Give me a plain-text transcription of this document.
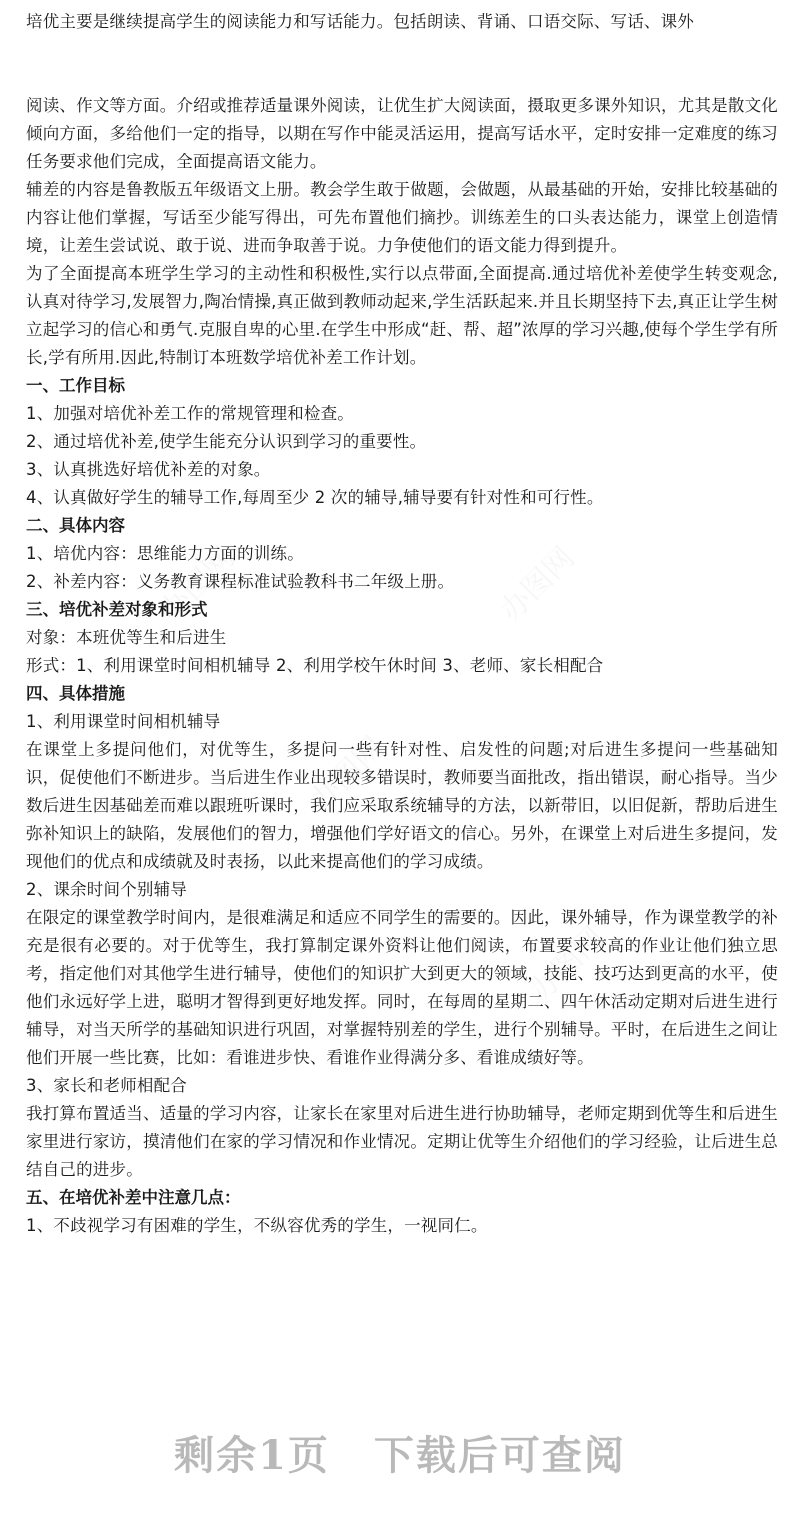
培优主要是继续提高学生的阅读能力和写话能力。包括朗读、背诵、口语交际、写话、课外

阅读、作文等方面。介绍或推荐适量课外阅读，让优生扩大阅读面，摄取更多课外知识，尤其是散文化倾向方面，多给他们一定的指导，以期在写作中能灵活运用，提高写话水平，定时安排一定难度的练习任务要求他们完成，全面提高语文能力。

辅差的内容是鲁教版五年级语文上册。教会学生敢于做题，会做题，从最基础的开始，安排比较基础的内容让他们掌握，写话至少能写得出，可先布置他们摘抄。训练差生的口头表达能力，课堂上创造情境，让差生尝试说、敢于说、进而争取善于说。力争使他们的语文能力得到提升。

为了全面提高本班学生学习的主动性和积极性,实行以点带面,全面提高.通过培优补差使学生转变观念,认真对待学习,发展智力,陶冶情操,真正做到教师动起来,学生活跃起来.并且长期坚持下去,真正让学生树立起学习的信心和勇气.克服自卑的心里.在学生中形成“赶、帮、超”浓厚的学习兴趣,使每个学生学有所长,学有所用.因此,特制订本班数学培优补差工作计划。

一、工作目标

1、加强对培优补差工作的常规管理和检查。

2、通过培优补差,使学生能充分认识到学习的重要性。

3、认真挑选好培优补差的对象。

4、认真做好学生的辅导工作,每周至少 2 次的辅导,辅导要有针对性和可行性。

二、具体内容

1、培优内容：思维能力方面的训练。

2、补差内容：义务教育课程标准试验教科书二年级上册。

三、培优补差对象和形式

对象：本班优等生和后进生

形式：1、利用课堂时间相机辅导 2、利用学校午休时间 3、老师、家长相配合

四、具体措施

1、利用课堂时间相机辅导

在课堂上多提问他们，对优等生，多提问一些有针对性、启发性的问题;对后进生多提问一些基础知识，促使他们不断进步。当后进生作业出现较多错误时，教师要当面批改，指出错误，耐心指导。当少数后进生因基础差而难以跟班听课时，我们应采取系统辅导的方法，以新带旧，以旧促新，帮助后进生弥补知识上的缺陷，发展他们的智力，增强他们学好语文的信心。另外，在课堂上对后进生多提问，发现他们的优点和成绩就及时表扬，以此来提高他们的学习成绩。

2、课余时间个别辅导

在限定的课堂教学时间内，是很难满足和适应不同学生的需要的。因此，课外辅导，作为课堂教学的补充是很有必要的。对于优等生，我打算制定课外资料让他们阅读，布置要求较高的作业让他们独立思考，指定他们对其他学生进行辅导，使他们的知识扩大到更大的领域，技能、技巧达到更高的水平，使他们永远好学上进，聪明才智得到更好地发挥。同时，在每周的星期二、四午休活动定期对后进生进行辅导，对当天所学的基础知识进行巩固，对掌握特别差的学生，进行个别辅导。平时，在后进生之间让他们开展一些比赛，比如：看谁进步快、看谁作业得满分多、看谁成绩好等。

3、家长和老师相配合

我打算布置适当、适量的学习内容，让家长在家里对后进生进行协助辅导，老师定期到优等生和后进生家里进行家访，摸清他们在家的学习情况和作业情况。定期让优等生介绍他们的学习经验，让后进生总结自己的进步。

五、在培优补差中注意几点：

1、不歧视学习有困难的学生，不纵容优秀的学生，一视同仁。

剩余1页 下载后可查阅
